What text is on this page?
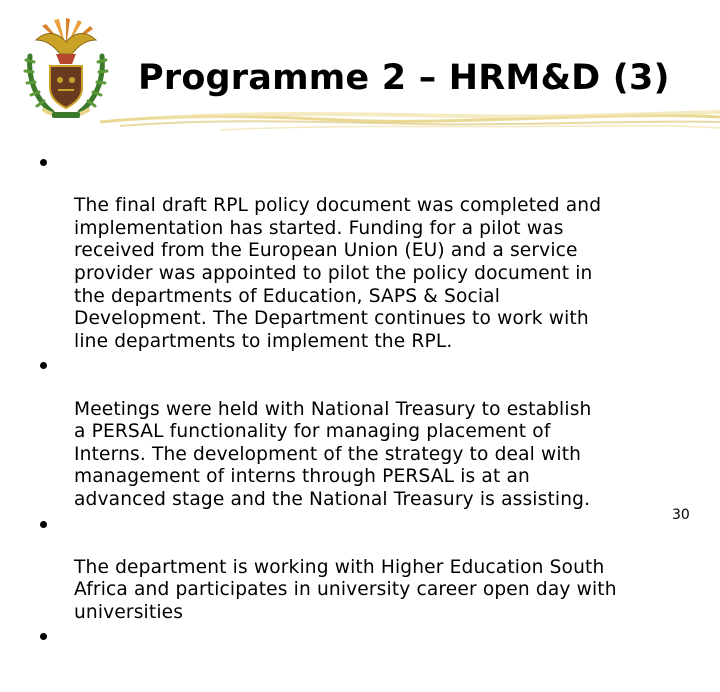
Programme 2 – HRM&D (3)

The final draft RPL policy document was completed and
implementation has started. Funding for a pilot was
received from the European Union (EU) and a service
provider was appointed to pilot the policy document in
the departments of Education, SAPS & Social
Development. The Department continues to work with
line departments to implement the RPL.

Meetings were held with National Treasury to establish
a PERSAL functionality for managing placement of
Interns. The development of the strategy to deal with
management of interns through PERSAL is at an
advanced stage and the National Treasury is assisting.

The department is working with Higher Education South
Africa and participates in university career open day with
universities

30
